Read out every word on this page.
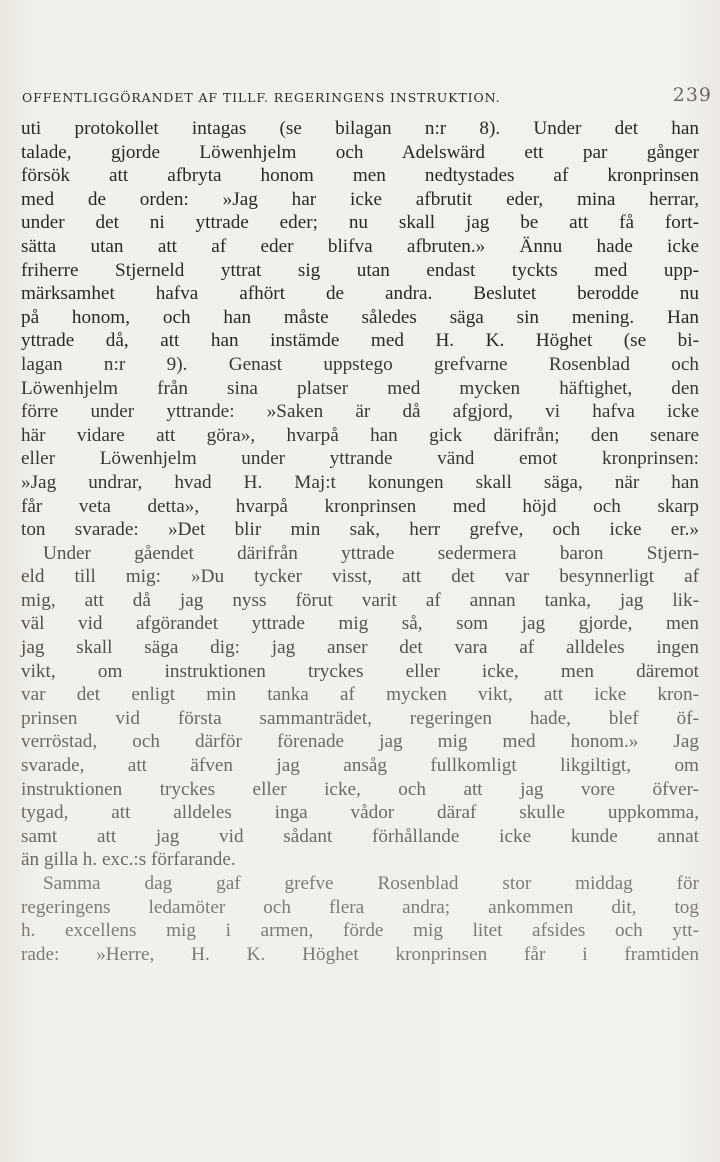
OFFENTLIGGÖRANDET AF TILLF. REGERINGENS INSTRUKTION.	239
uti protokollet intagas (se bilagan n:r 8). Under det han
talade, gjorde Löwenhjelm och Adelswärd ett par gånger
försök att afbryta honom men nedtystades af kronprinsen
med de orden: »Jag har icke afbrutit eder, mina herrar,
under det ni yttrade eder; nu skall jag be att få fort-
sätta utan att af eder blifva afbruten.» Ännu hade icke
friherre Stjerneld yttrat sig utan endast tyckts med upp-
märksamhet hafva afhört de andra. Beslutet berodde nu
på honom, och han måste således säga sin mening. Han
yttrade då, att han instämde med H. K. Höghet (se bi-
lagan n:r 9). Genast uppstego grefvarne Rosenblad och
Löwenhjelm från sina platser med mycken häftighet, den
förre under yttrande: »Saken är då afgjord, vi hafva icke
här vidare att göra», hvarpå han gick därifrån; den senare
eller Löwenhjelm under yttrande vänd emot kronprinsen:
»Jag undrar, hvad H. Maj:t konungen skall säga, när han
får veta detta», hvarpå kronprinsen med höjd och skarp
ton svarade: »Det blir min sak, herr grefve, och icke er.»
Under gåendet därifrån yttrade sedermera baron Stjern-
eld till mig: »Du tycker visst, att det var besynnerligt af
mig, att då jag nyss förut varit af annan tanka, jag lik-
väl vid afgörandet yttrade mig så, som jag gjorde, men
jag skall säga dig: jag anser det vara af alldeles ingen
vikt, om instruktionen tryckes eller icke, men däremot
var det enligt min tanka af mycken vikt, att icke kron-
prinsen vid första sammanträdet, regeringen hade, blef öf-
verröstad, och därför förenade jag mig med honom.» Jag
svarade, att äfven jag ansåg fullkomligt likgiltigt, om
instruktionen tryckes eller icke, och att jag vore öfver-
tygad, att alldeles inga vådor däraf skulle uppkomma,
samt att jag vid sådant förhållande icke kunde annat
än gilla h. exc.:s förfarande.
Samma dag gaf grefve Rosenblad stor middag för
regeringens ledamöter och flera andra; ankommen dit, tog
h. excellens mig i armen, förde mig litet afsides och ytt-
rade: »Herre, H. K. Höghet kronprinsen får i framtiden
